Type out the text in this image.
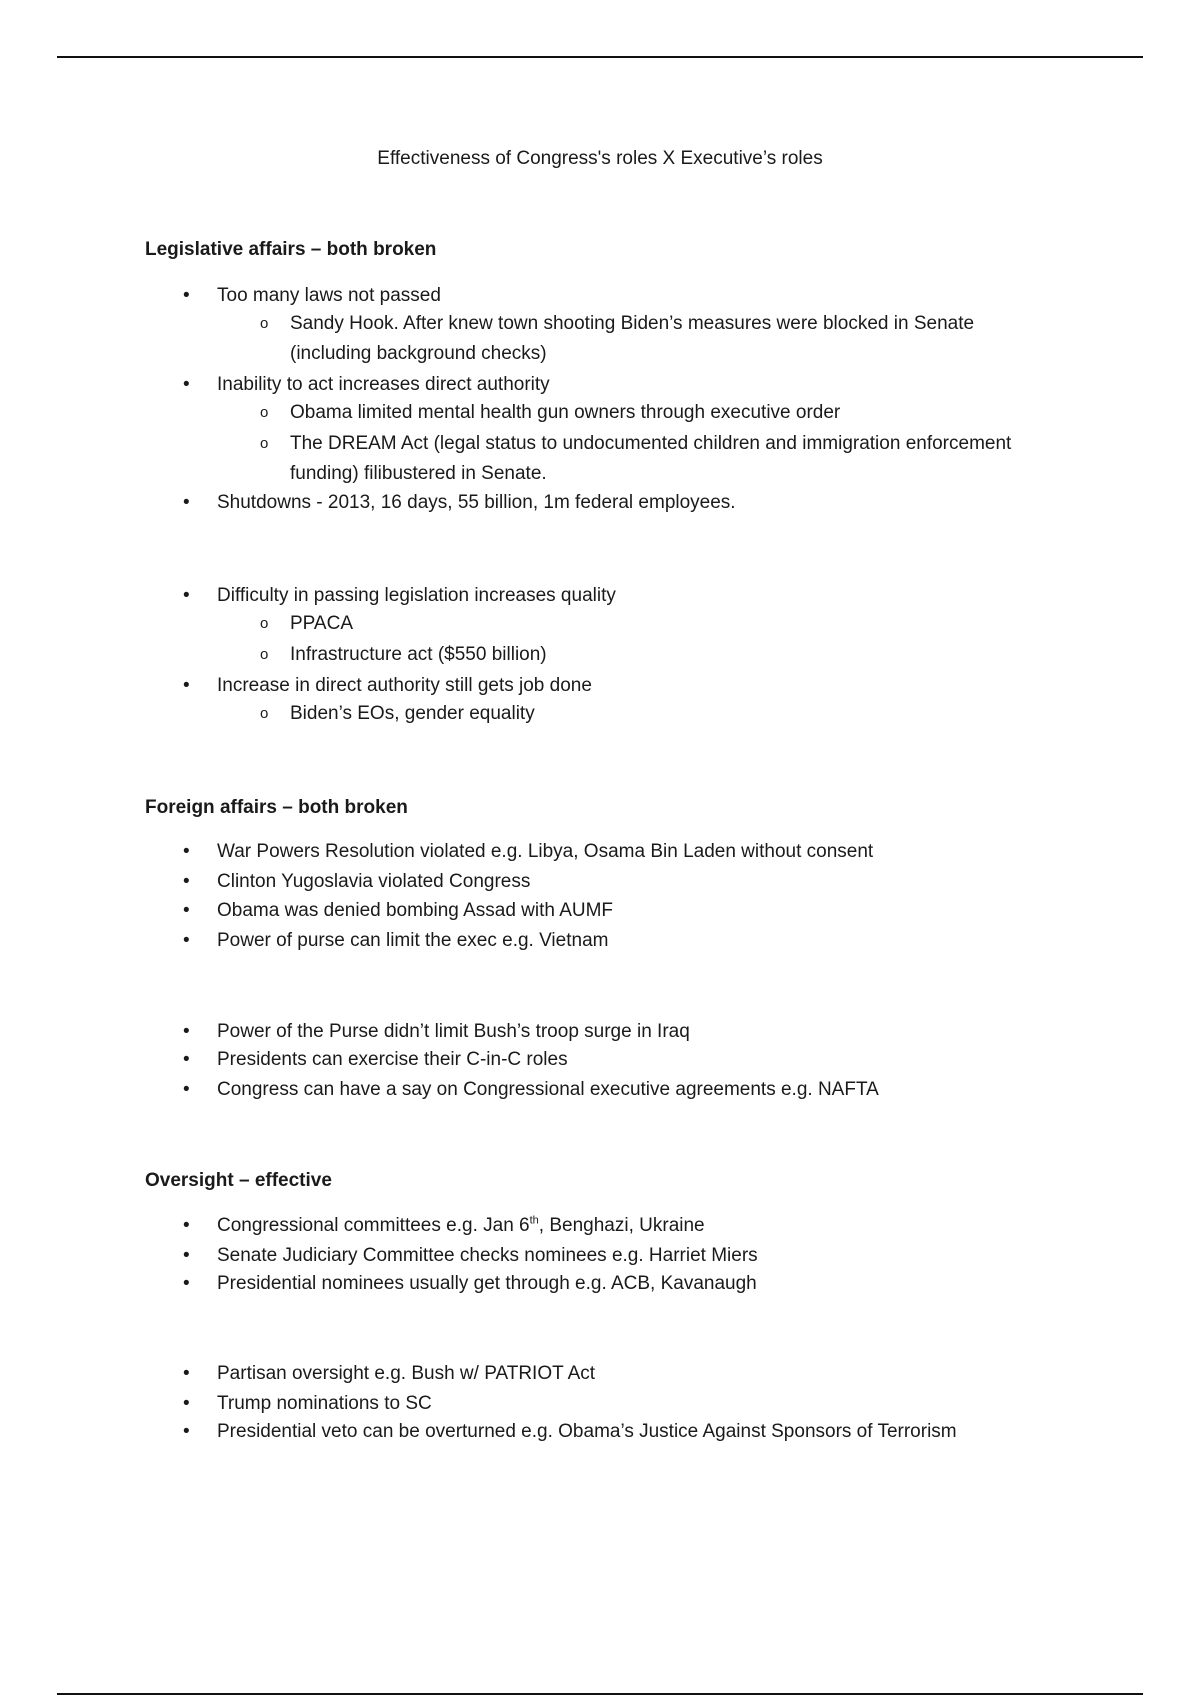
Effectiveness of Congress's roles X Executive’s roles
Legislative affairs – both broken
• Too many laws not passed
o Sandy Hook. After knew town shooting Biden’s measures were blocked in Senate (including background checks)
• Inability to act increases direct authority
o Obama limited mental health gun owners through executive order
o The DREAM Act (legal status to undocumented children and immigration enforcement funding) filibustered in Senate.
• Shutdowns - 2013, 16 days, 55 billion, 1m federal employees.
• Difficulty in passing legislation increases quality
o PPACA
o Infrastructure act ($550 billion)
• Increase in direct authority still gets job done
o Biden’s EOs, gender equality
Foreign affairs – both broken
• War Powers Resolution violated e.g. Libya, Osama Bin Laden without consent
• Clinton Yugoslavia violated Congress
• Obama was denied bombing Assad with AUMF
• Power of purse can limit the exec e.g. Vietnam
• Power of the Purse didn’t limit Bush’s troop surge in Iraq
• Presidents can exercise their C-in-C roles
• Congress can have a say on Congressional executive agreements e.g. NAFTA
Oversight – effective
• Congressional committees e.g. Jan 6th, Benghazi, Ukraine
• Senate Judiciary Committee checks nominees e.g. Harriet Miers
• Presidential nominees usually get through e.g. ACB, Kavanaugh
• Partisan oversight e.g. Bush w/ PATRIOT Act
• Trump nominations to SC
• Presidential veto can be overturned e.g. Obama’s Justice Against Sponsors of Terrorism
